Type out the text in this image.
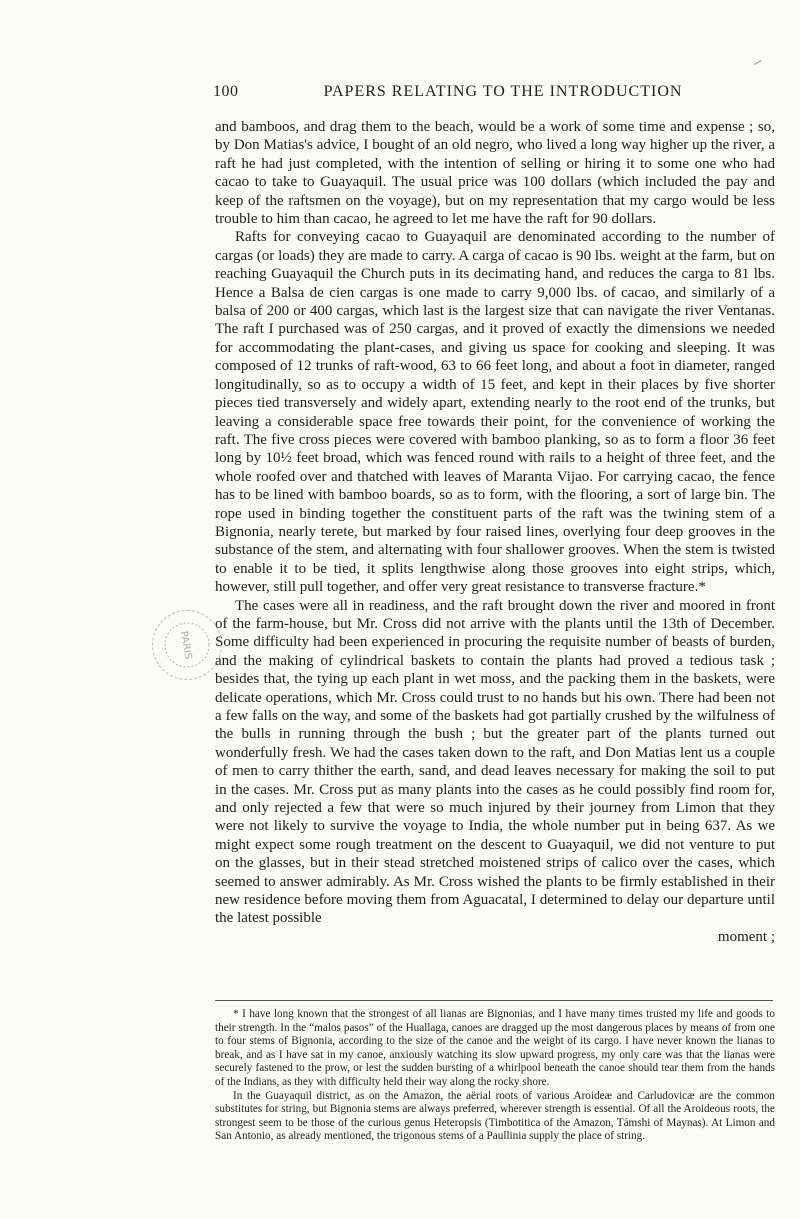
100	PAPERS RELATING TO THE INTRODUCTION

and bamboos, and drag them to the beach, would be a work of some time and expense ; so, by Don Matias's advice, I bought of an old negro, who lived a long way higher up the river, a raft he had just completed, with the intention of selling or hiring it to some one who had cacao to take to Guayaquil. The usual price was 100 dollars (which included the pay and keep of the raftsmen on the voyage), but on my representation that my cargo would be less trouble to him than cacao, he agreed to let me have the raft for 90 dollars.

Rafts for conveying cacao to Guayaquil are denominated according to the number of cargas (or loads) they are made to carry. A carga of cacao is 90 lbs. weight at the farm, but on reaching Guayaquil the Church puts in its decimating hand, and reduces the carga to 81 lbs. Hence a Balsa de cien cargas is one made to carry 9,000 lbs. of cacao, and similarly of a balsa of 200 or 400 cargas, which last is the largest size that can navigate the river Ventanas. The raft I purchased was of 250 cargas, and it proved of exactly the dimensions we needed for accommodating the plant-cases, and giving us space for cooking and sleeping. It was composed of 12 trunks of raft-wood, 63 to 66 feet long, and about a foot in diameter, ranged longitudinally, so as to occupy a width of 15 feet, and kept in their places by five shorter pieces tied transversely and widely apart, extending nearly to the root end of the trunks, but leaving a considerable space free towards their point, for the convenience of working the raft. The five cross pieces were covered with bamboo planking, so as to form a floor 36 feet long by 10½ feet broad, which was fenced round with rails to a height of three feet, and the whole roofed over and thatched with leaves of Maranta Vijao. For carrying cacao, the fence has to be lined with bamboo boards, so as to form, with the flooring, a sort of large bin. The rope used in binding together the constituent parts of the raft was the twining stem of a Bignonia, nearly terete, but marked by four raised lines, overlying four deep grooves in the substance of the stem, and alternating with four shallower grooves. When the stem is twisted to enable it to be tied, it splits lengthwise along those grooves into eight strips, which, however, still pull together, and offer very great resistance to transverse fracture.*

The cases were all in readiness, and the raft brought down the river and moored in front of the farm-house, but Mr. Cross did not arrive with the plants until the 13th of December. Some difficulty had been experienced in procuring the requisite number of beasts of burden, and the making of cylindrical baskets to contain the plants had proved a tedious task ; besides that, the tying up each plant in wet moss, and the packing them in the baskets, were delicate operations, which Mr. Cross could trust to no hands but his own. There had been not a few falls on the way, and some of the baskets had got partially crushed by the wilfulness of the bulls in running through the bush ; but the greater part of the plants turned out wonderfully fresh. We had the cases taken down to the raft, and Don Matias lent us a couple of men to carry thither the earth, sand, and dead leaves necessary for making the soil to put in the cases. Mr. Cross put as many plants into the cases as he could possibly find room for, and only rejected a few that were so much injured by their journey from Limon that they were not likely to survive the voyage to India, the whole number put in being 637. As we might expect some rough treatment on the descent to Guayaquil, we did not venture to put on the glasses, but in their stead stretched moistened strips of calico over the cases, which seemed to answer admirably. As Mr. Cross wished the plants to be firmly established in their new residence before moving them from Aguacatal, I determined to delay our departure until the latest possible

moment ;
PARIS

* I have long known that the strongest of all lianas are Bignonias, and I have many times trusted my life and goods to their strength. In the “malos pasos” of the Huallaga, canoes are dragged up the most dangerous places by means of from one to four stems of Bignonia, according to the size of the canoe and the weight of its cargo. I have never known the lianas to break, and as I have sat in my canoe, anxiously watching its slow upward progress, my only care was that the lianas were securely fastened to the prow, or lest the sudden bursting of a whirlpool beneath the canoe should tear them from the hands of the Indians, as they with difficulty held their way along the rocky shore.

In the Guayaquil district, as on the Amazon, the aërial roots of various Aroideæ and Carludovicæ are the common substitutes for string, but Bignonia stems are always preferred, wherever strength is essential. Of all the Aroideous roots, the strongest seem to be those of the curious genus Heteropsis (Timbotitica of the Amazon, Támshi of Maynas). At Limon and San Antonio, as already mentioned, the trigonous stems of a Paullinia supply the place of string.
